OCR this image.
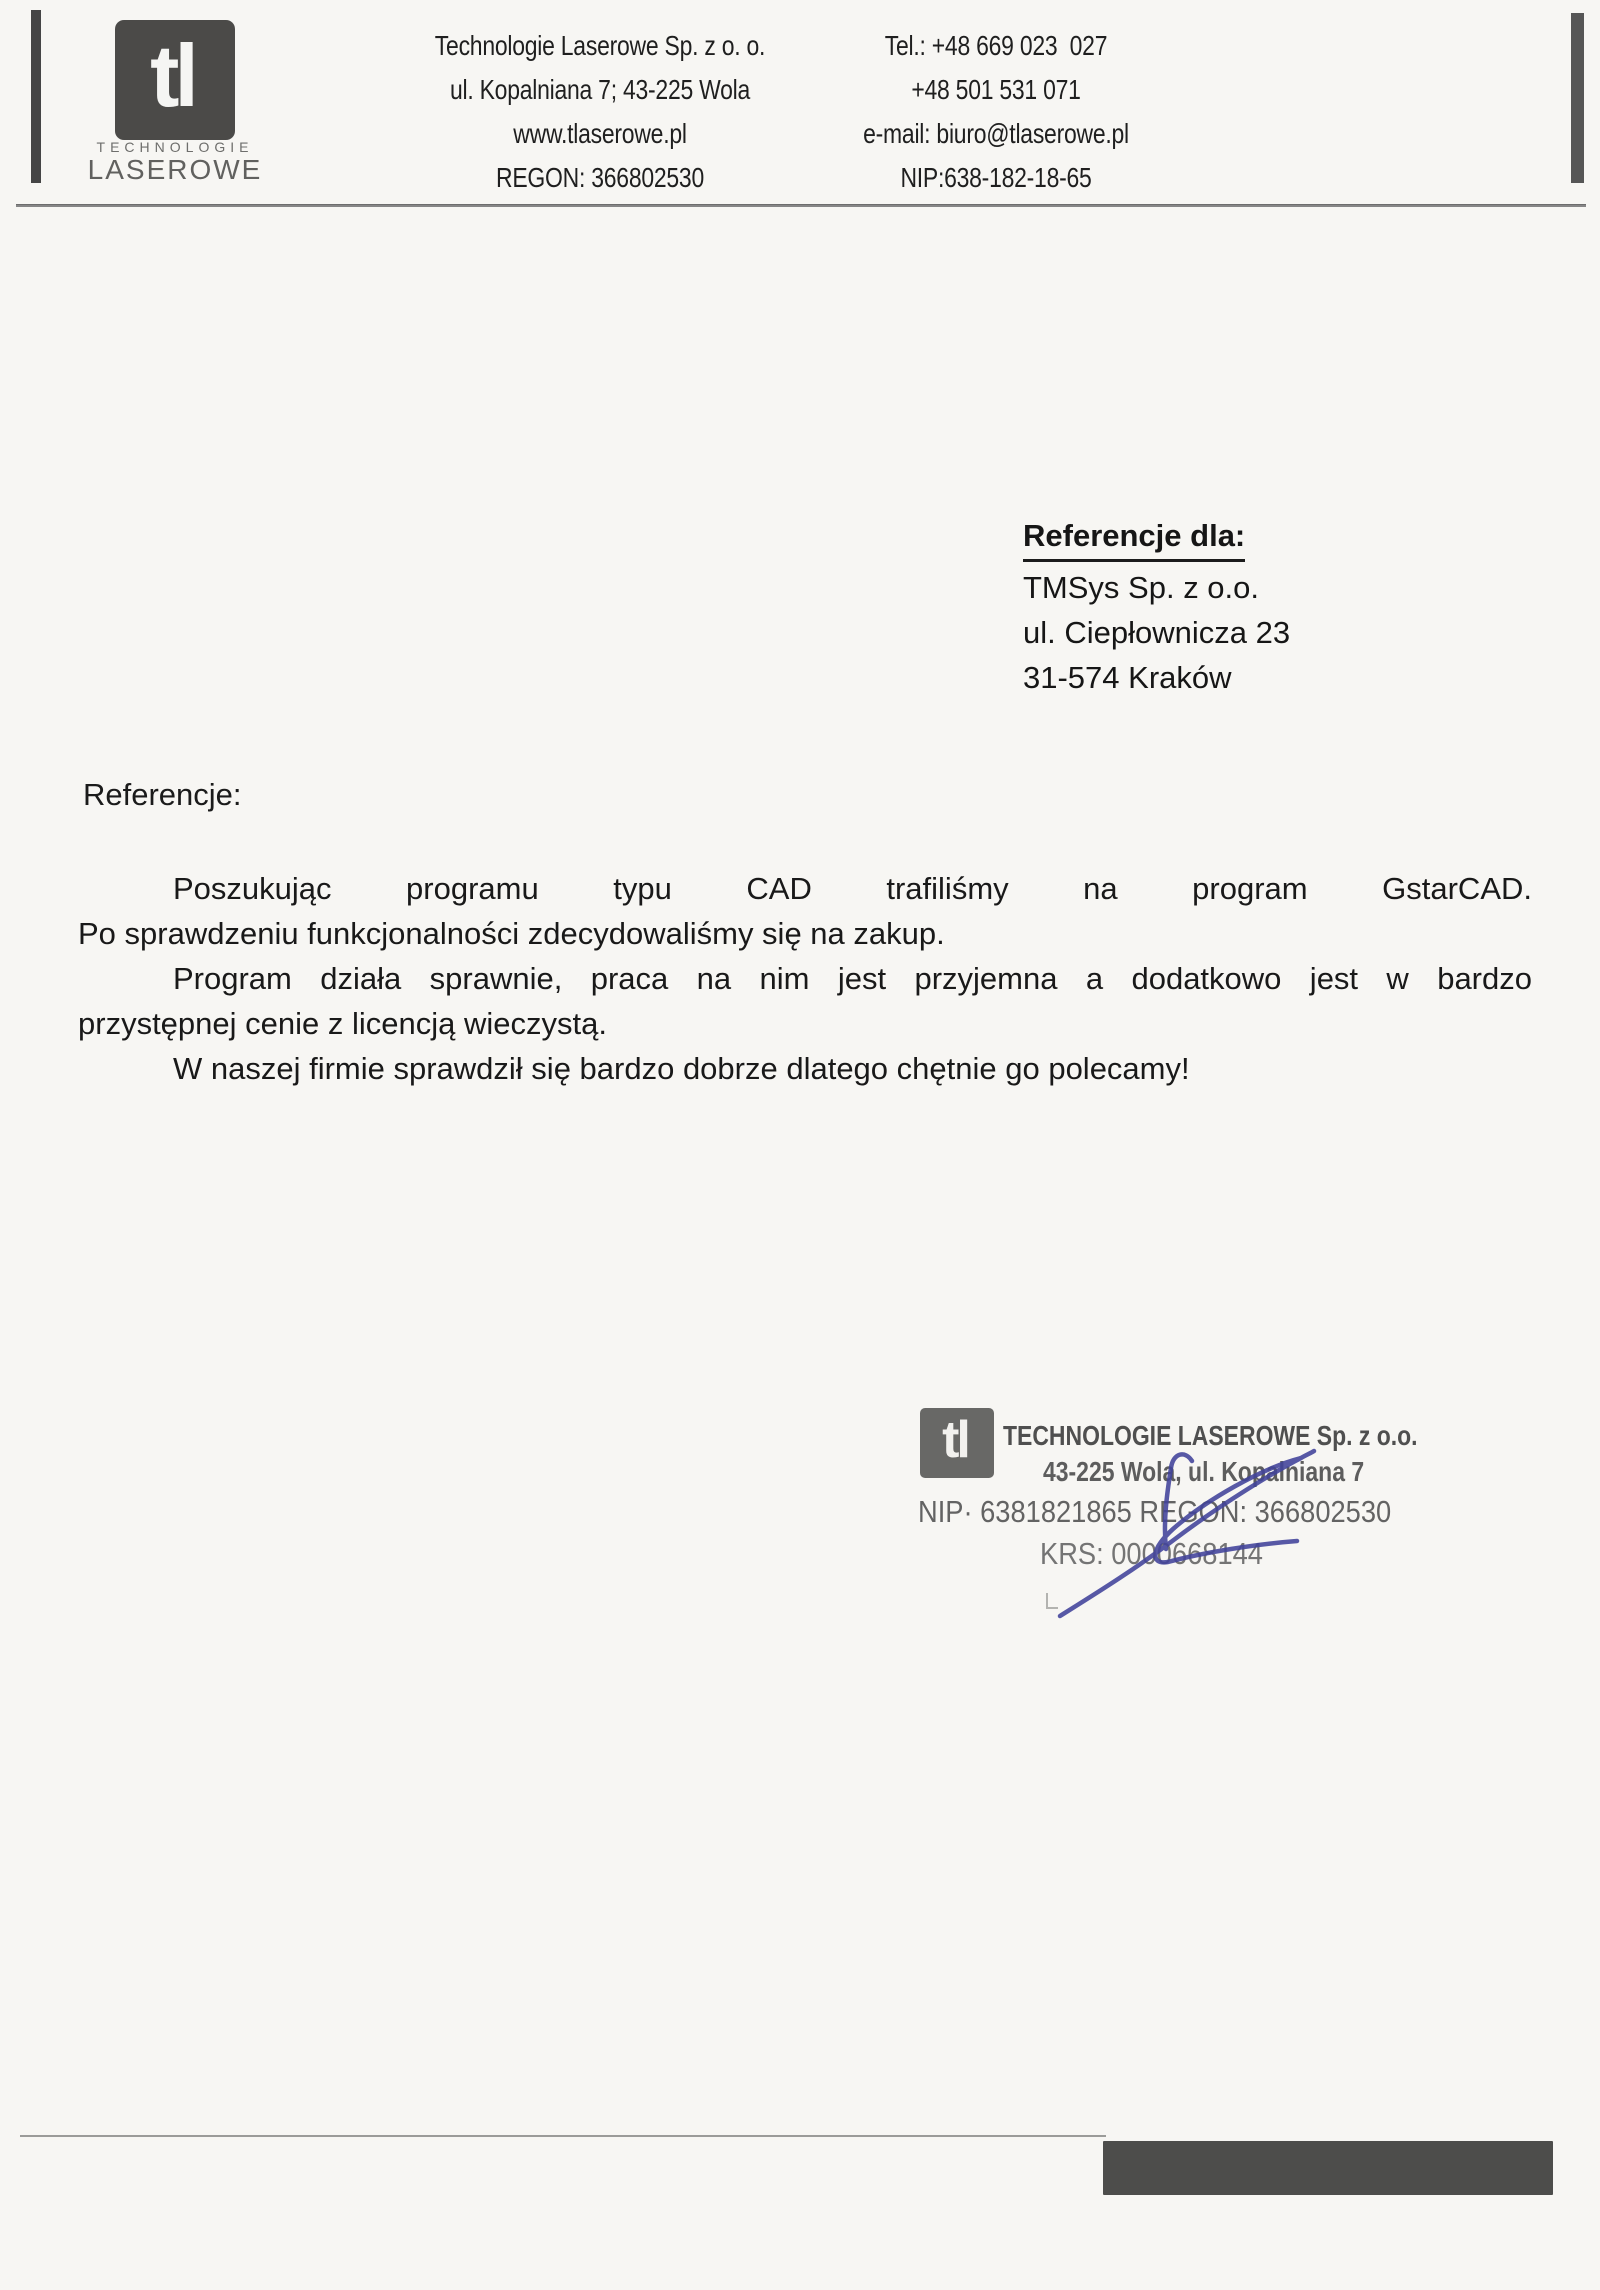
tl
TECHNOLOGIE
LASEROWE
Technologie Laserowe Sp. z o. o.
ul. Kopalniana 7; 43-225 Wola
www.tlaserowe.pl
REGON: 366802530
Tel.: +48 669 023  027
+48 501 531 071
e-mail: biuro@tlaserowe.pl
NIP:638-182-18-65
Referencje dla:
TMSys Sp. z o.o.
ul. Ciepłownicza 23
31-574 Kraków
Referencje:
Poszukując programu typu CAD trafiliśmy na program GstarCAD.
Po sprawdzeniu funkcjonalności zdecydowaliśmy się na zakup.
Program działa sprawnie, praca na nim jest przyjemna a dodatkowo jest w bardzo
przystępnej cenie z licencją wieczystą.
W naszej firmie sprawdził się bardzo dobrze dlatego chętnie go polecamy!
tl TECHNOLOGIE LASEROWE Sp. z o.o.
43-225 Wola, ul. Kopalniana 7
NIP· 6381821865 REGON: 366802530
KRS: 0000668144
